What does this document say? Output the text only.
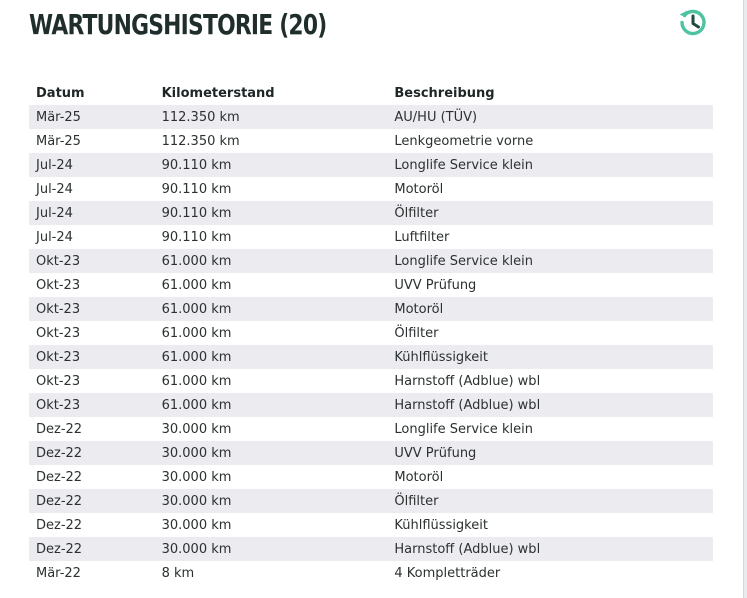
WARTUNGSHISTORIE (20)
Datum	Kilometerstand	Beschreibung
Mär-25	112.350 km	AU/HU (TÜV)
Mär-25	112.350 km	Lenkgeometrie vorne
Jul-24	90.110 km	Longlife Service klein
Jul-24	90.110 km	Motoröl
Jul-24	90.110 km	Ölfilter
Jul-24	90.110 km	Luftfilter
Okt-23	61.000 km	Longlife Service klein
Okt-23	61.000 km	UVV Prüfung
Okt-23	61.000 km	Motoröl
Okt-23	61.000 km	Ölfilter
Okt-23	61.000 km	Kühlflüssigkeit
Okt-23	61.000 km	Harnstoff (Adblue) wbl
Okt-23	61.000 km	Harnstoff (Adblue) wbl
Dez-22	30.000 km	Longlife Service klein
Dez-22	30.000 km	UVV Prüfung
Dez-22	30.000 km	Motoröl
Dez-22	30.000 km	Ölfilter
Dez-22	30.000 km	Kühlflüssigkeit
Dez-22	30.000 km	Harnstoff (Adblue) wbl
Mär-22	8 km	4 Kompletträder
